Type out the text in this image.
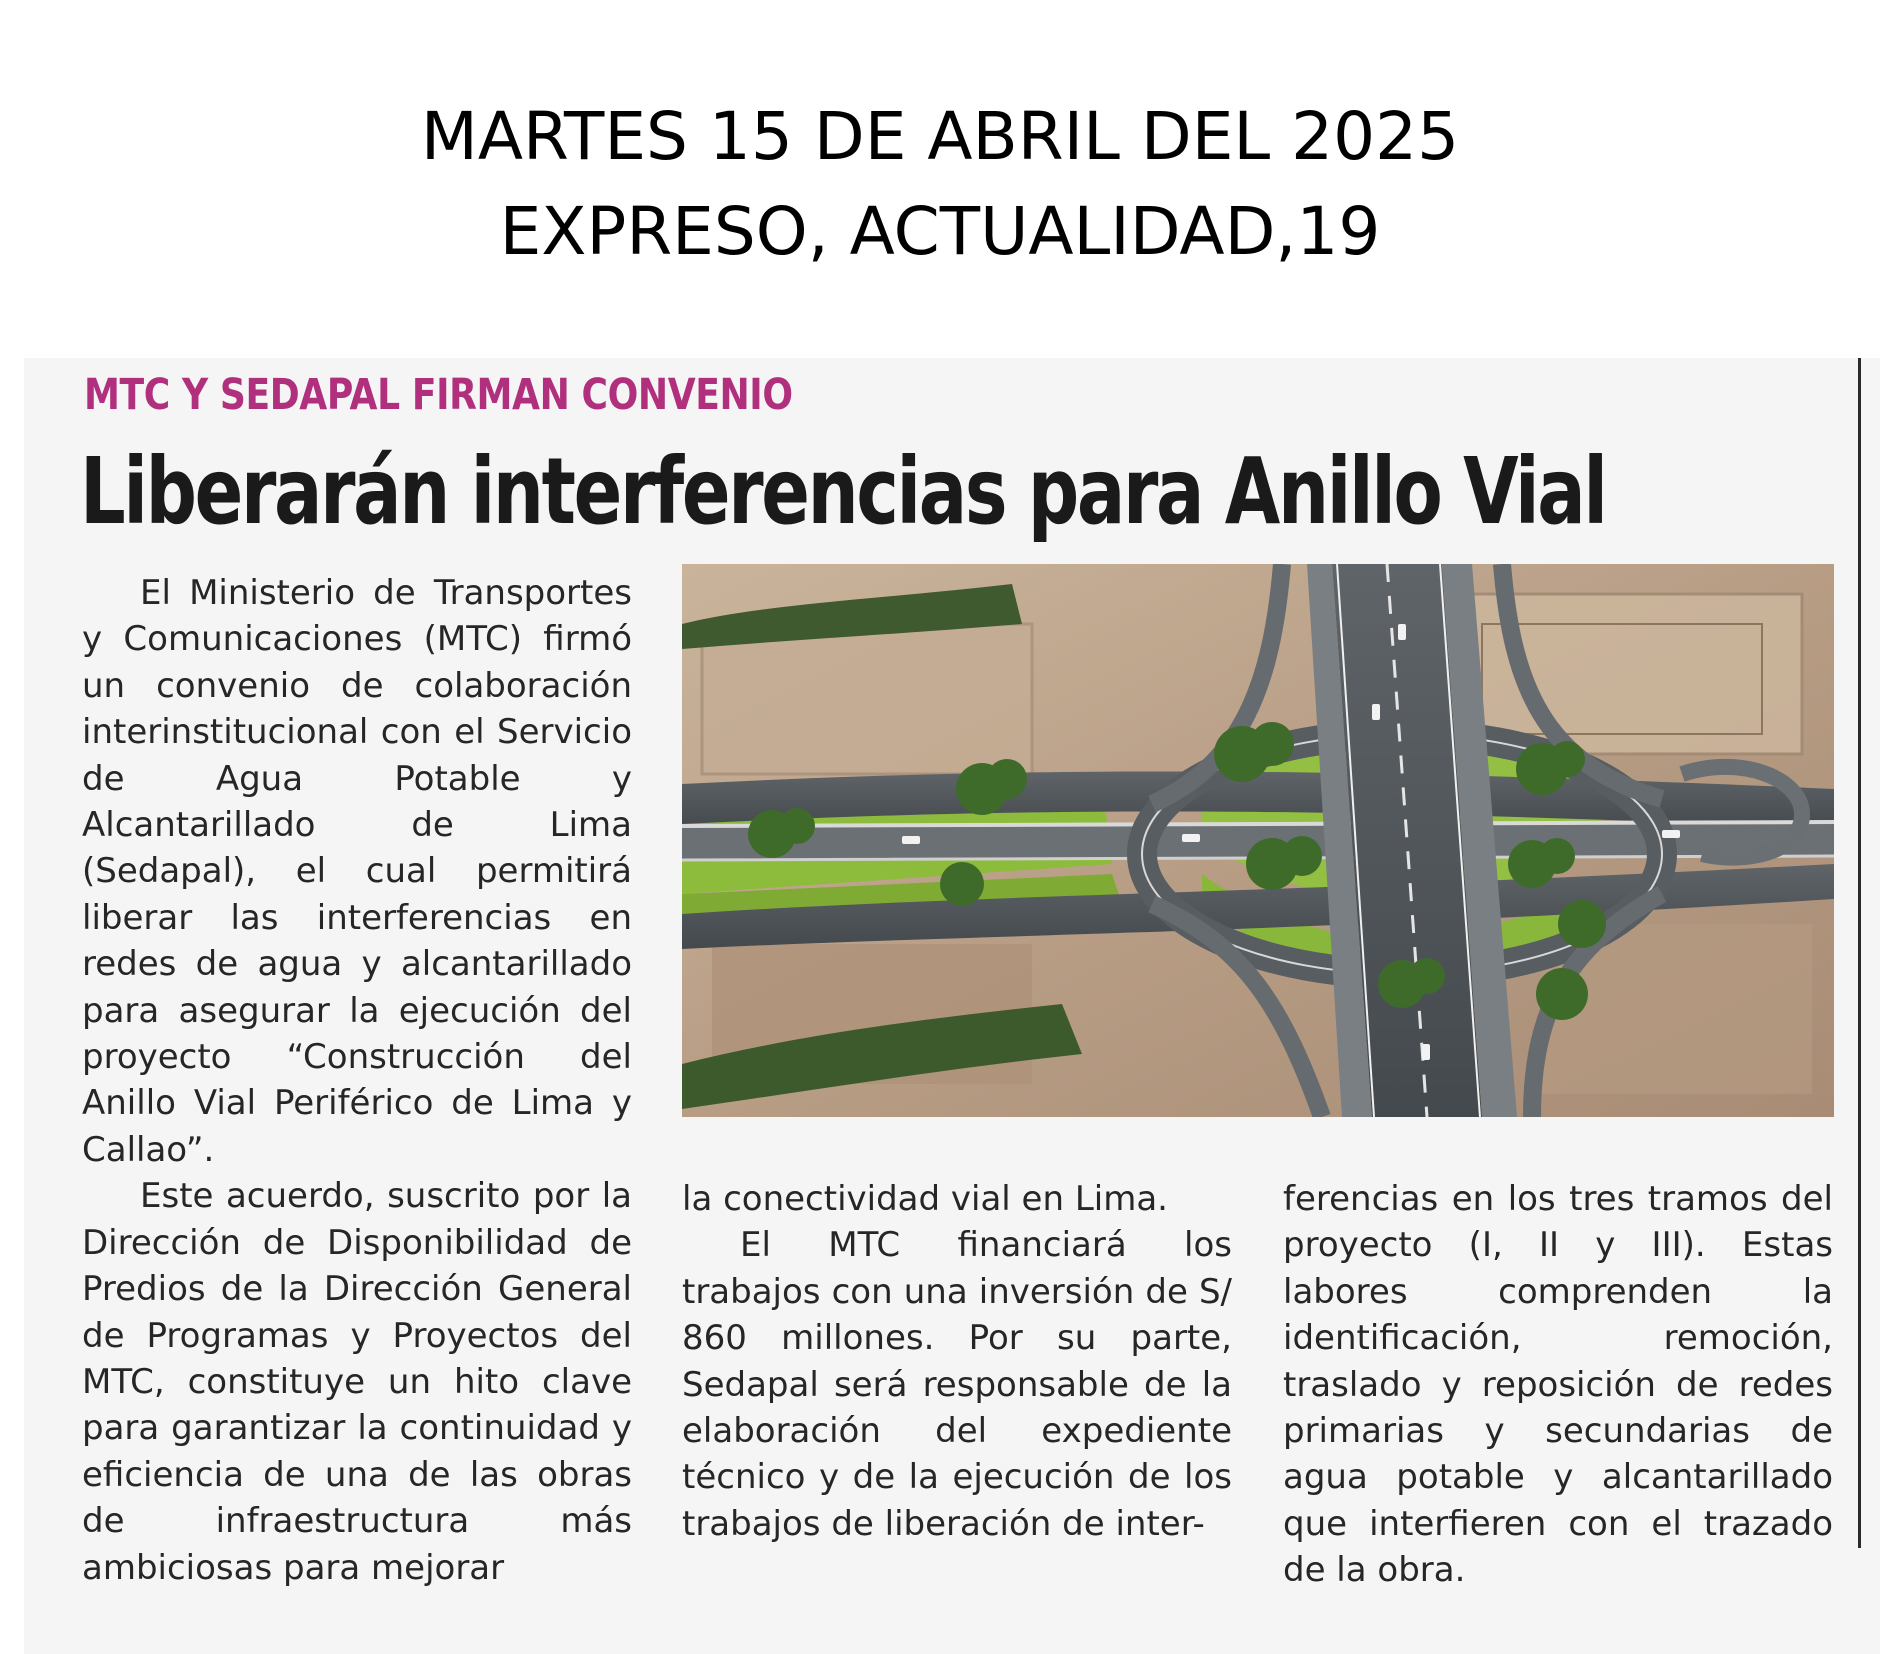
MARTES 15 DE ABRIL DEL 2025
EXPRESO, ACTUALIDAD,19
MTC Y SEDAPAL FIRMAN CONVENIO
Liberarán interferencias para Anillo Vial

El Ministerio de Transportes y Comunicaciones (MTC) firmó un convenio de colaboración interinstitucional con el Servicio de Agua Potable y Alcantarillado de Lima (Sedapal), el cual permitirá liberar las interferencias en redes de agua y alcantarillado para asegurar la ejecución del proyecto “Construcción del Anillo Vial Periférico de Lima y Callao”.

Este acuerdo, suscrito por la Dirección de Disponibilidad de Predios de la Dirección General de Programas y Proyectos del MTC, constituye un hito clave para garantizar la continuidad y eficiencia de una de las obras de infraestructura más ambiciosas para mejorar

la conectividad vial en Lima.

El MTC financiará los trabajos con una inversión de S/ 860 millones. Por su parte, Sedapal será responsable de la elaboración del expediente técnico y de la ejecución de los trabajos de liberación de inter-

ferencias en los tres tramos del proyecto (I, II y III). Estas labores comprenden la identificación, remoción, traslado y reposición de redes primarias y secundarias de agua potable y alcantarillado que interfieren con el trazado de la obra.
